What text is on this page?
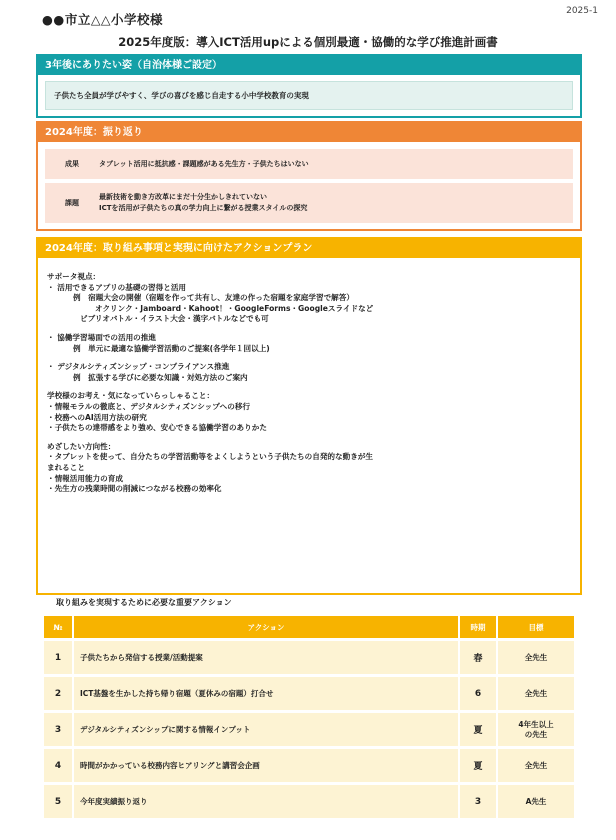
●●市立△△小学校様
2025-1
2025年度版：導入ICT活用upによる個別最適・協働的な学び推進計画書
3年後にありたい姿（自治体様ご設定）
子供たち全員が学びやすく、学びの喜びを感じ自走する小中学校教育の実現
2024年度：振り返り
成果	タブレット活用に抵抗感・課題感がある先生方・子供たちはいない
課題
最新技術を動き方改革にまだ十分生かしきれていない
ICTを活用が子供たちの真の学力向上に繋がる授業スタイルの探究
2024年度：取り組み事項と実現に向けたアクションプラン
サポータ視点：
・ 活用できるアプリの基礎の習得と活用
例　宿題大会の開催（宿題を作って共有し、友達の作った宿題を家庭学習で解答）
オクリンク・Jamboard・Kahoot！・GoogleForms・Googleスライドなど
ビブリオバトル・イラスト大会・漢字バトルなどでも可
・ 協働学習場面での活用の推進
例　単元に最適な協働学習活動のご提案(各学年１回以上)
・ デジタルシティズンシップ・コンプライアンス推進
例　拡張する学びに必要な知識・対処方法のご案内
学校様のお考え・気になっていらっしゃること：
・情報モラルの徹底と、デジタルシティズンシップへの移行
・校務へのAI活用方法の研究
・子供たちの達帯感をより強め、安心できる協働学習のありかた
めざしたい方向性：
・タブレットを使って、自分たちの学習活動等をよくしようという子供たちの自発的な動きが生
まれること
・情報活用能力の育成
・先生方の残業時間の削減につながる校務の効率化
取り組みを実現するために必要な重要アクション
№	アクション	時期	目標
1	子供たちから発信する授業/活動提案	春	全先生
2	ICT基盤を生かした持ち帰り宿題（夏休みの宿題）打合せ	6	全先生
3	デジタルシティズンシップに関する情報インプット	夏	4年生以上
の先生
4	時間がかかっている校務内容ヒアリングと講習会企画	夏	全先生
5	今年度実績振り返り	3	A先生
